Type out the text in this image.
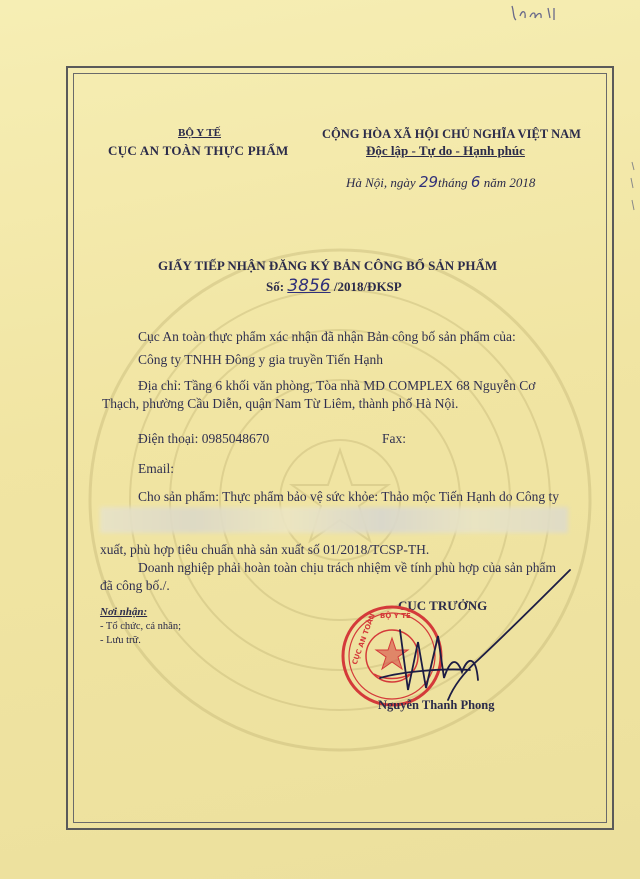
BỘ Y TẾ
CỤC AN TOÀN THỰC PHẨM
CỘNG HÒA XÃ HỘI CHỦ NGHĨA VIỆT NAM
Độc lập - Tự do - Hạnh phúc
Hà Nội, ngày 29tháng 6 năm 2018
GIẤY TIẾP NHẬN ĐĂNG KÝ BẢN CÔNG BỐ SẢN PHẨM
Số: 3856 /2018/ĐKSP
Cục An toàn thực phẩm xác nhận đã nhận Bản công bố sản phẩm của:
Công ty TNHH Đông y gia truyền Tiến Hạnh
Địa chỉ: Tầng 6 khối văn phòng, Tòa nhà MD COMPLEX 68 Nguyễn Cơ
Thạch, phường Cầu Diễn, quận Nam Từ Liêm, thành phố Hà Nội.
Điện thoại: 0985048670	Fax:
Email:
Cho sản phẩm: Thực phẩm bảo vệ sức khỏe: Thảo mộc Tiến Hạnh do Công ty
xuất, phù hợp tiêu chuẩn nhà sản xuất số 01/2018/TCSP-TH.
Doanh nghiệp phải hoàn toàn chịu trách nhiệm về tính phù hợp của sản phẩm
đã công bố./.
Nơi nhận:
- Tổ chức, cá nhân;
- Lưu trữ.
CỤC TRƯỞNG
BỘ Y TẾ
CỤC AN TOÀN
Nguyễn Thanh Phong
